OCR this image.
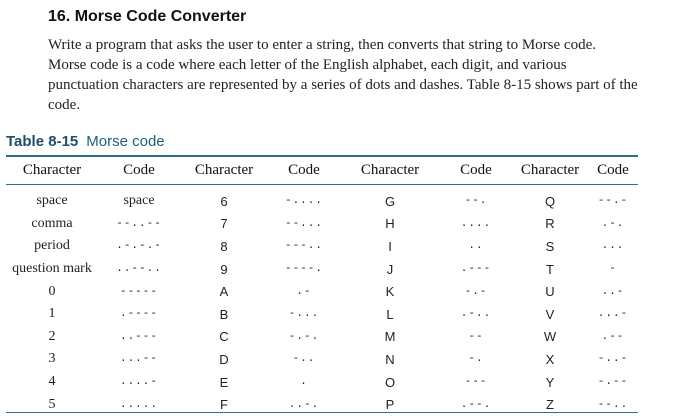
16. Morse Code Converter
Write a program that asks the user to enter a string, then converts that string to Morse code. Morse code is a code where each letter of the English alphabet, each digit, and various punctuation characters are represented by a series of dots and dashes. Table 8-15 shows part of the code.
Table 8-15 Morse code
Character	Code	Character	Code	Character	Code	Character	Code
space	space	6	-....	G	--.	Q	--.-
comma	--..--	7	--...	H	....	R	.-.
period	.-.-.-	8	---..	I	..	S	...
question mark	..--..	9	----.	J	.---	T	-
0	-----	A	.-	K	-.-	U	..-
1	.----	B	-...	L	.-..	V	...-
2	..---	C	-.-.	M	--	W	.--
3	...--	D	-..	N	-.	X	-..-
4	....-	E	.	O	---	Y	-.--
5	.....	F	..-.	P	.--.	Z	--..
